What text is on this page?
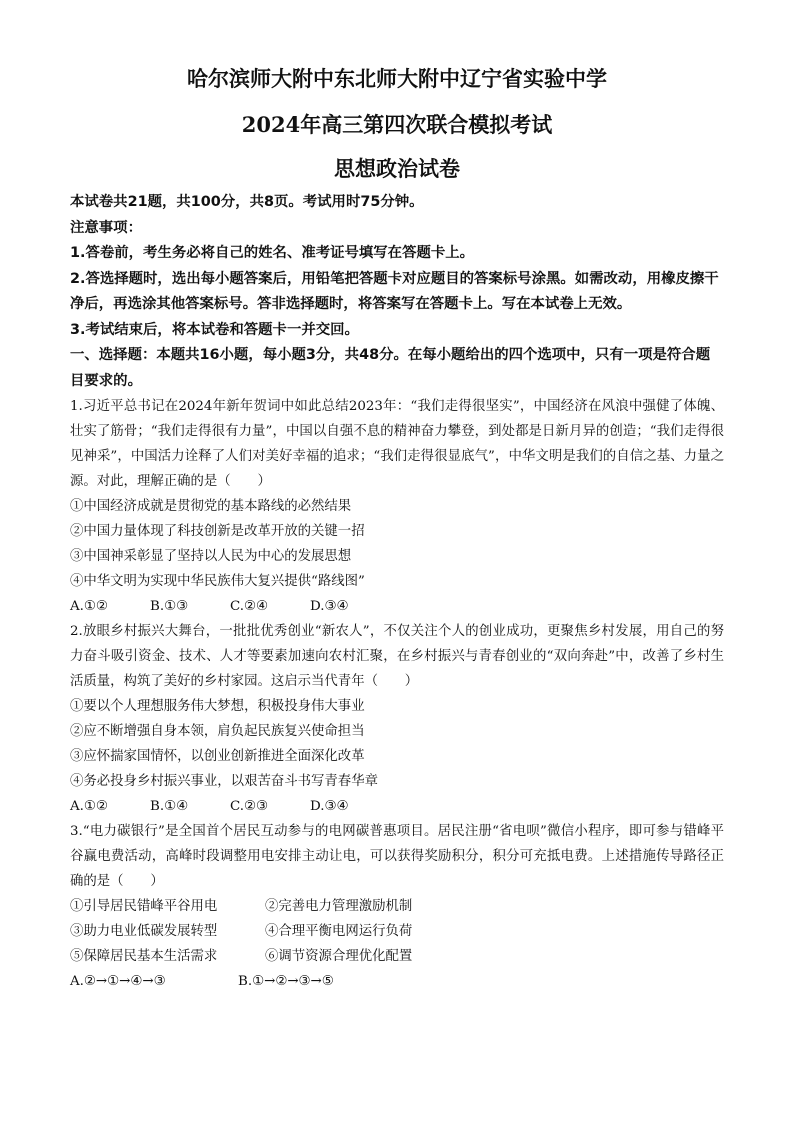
哈尔滨师大附中东北师大附中辽宁省实验中学

2024年高三第四次联合模拟考试

思想政治试卷

本试卷共21题，共100分，共8页。考试用时75分钟。

注意事项：

1.答卷前，考生务必将自己的姓名、准考证号填写在答题卡上。

2.答选择题时，选出每小题答案后，用铅笔把答题卡对应题目的答案标号涂黑。如需改动，用橡皮擦干净后，再选涂其他答案标号。答非选择题时，将答案写在答题卡上。写在本试卷上无效。

3.考试结束后，将本试卷和答题卡一并交回。

一、选择题：本题共16小题，每小题3分，共48分。在每小题给出的四个选项中，只有一项是符合题目要求的。

1.习近平总书记在2024年新年贺词中如此总结2023年：“我们走得很坚实”，中国经济在风浪中强健了体魄、壮实了筋骨；“我们走得很有力量”，中国以自强不息的精神奋力攀登，到处都是日新月异的创造；“我们走得很见神采”，中国活力诠释了人们对美好幸福的追求；“我们走得很显底气”，中华文明是我们的自信之基、力量之源。对此，理解正确的是（　　）

①中国经济成就是贯彻党的基本路线的必然结果

②中国力量体现了科技创新是改革开放的关键一招

③中国神采彰显了坚持以人民为中心的发展思想

④中华文明为实现中华民族伟大复兴提供“路线图”

A.①②	B.①③	C.②④	D.③④

2.放眼乡村振兴大舞台，一批批优秀创业“新农人”，不仅关注个人的创业成功，更聚焦乡村发展，用自己的努力奋斗吸引资金、技术、人才等要素加速向农村汇聚，在乡村振兴与青春创业的“双向奔赴”中，改善了乡村生活质量，构筑了美好的乡村家园。这启示当代青年（　　）

①要以个人理想服务伟大梦想，积极投身伟大事业

②应不断增强自身本领，肩负起民族复兴使命担当

③应怀揣家国情怀，以创业创新推进全面深化改革

④务必投身乡村振兴事业，以艰苦奋斗书写青春华章

A.①②	B.①④	C.②③	D.③④

3.“电力碳银行”是全国首个居民互动参与的电网碳普惠项目。居民注册“省电呗”微信小程序，即可参与错峰平谷赢电费活动，高峰时段调整用电安排主动让电，可以获得奖励积分，积分可充抵电费。上述措施传导路径正确的是（　　）

①引导居民错峰平谷用电	②完善电力管理激励机制
③助力电业低碳发展转型	④合理平衡电网运行负荷
⑤保障居民基本生活需求	⑥调节资源合理优化配置
A.②→①→④→③	B.①→②→③→⑤
